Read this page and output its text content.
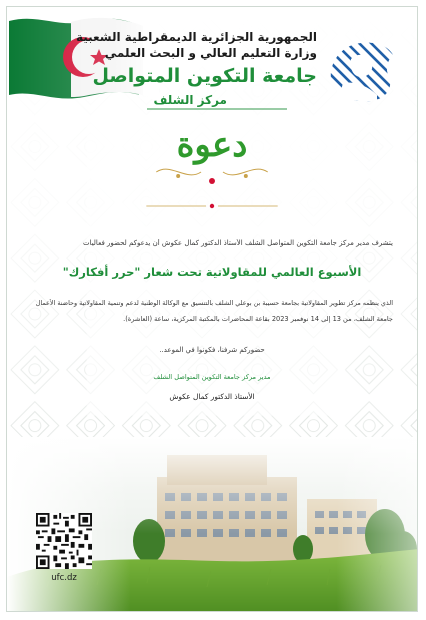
الجمهورية الجزائرية الديمقراطية الشعبية
وزارة التعليم العالي و البحث العلمي
جامعة التكوين المتواصل
مركز الشلف
دعوة
يتشرف مدير مركز جامعة التكوين المتواصل الشلف الأستاذ الدكتور كمال عكوش أن يدعوكم لحضور فعاليات
الأسبوع العالمي للمقاولاتية تحت شعار "حرر أفكارك"
الذي ينظمه مركز تطوير المقاولاتية بجامعة حسيبة بن بوعلي الشلف بالتنسيق مع الوكالة الوطنية لدعم وتنمية المقاولاتية وحاضنة الأعمال
جامعة الشلف، من 13 إلى 14 نوفمبر 2023 بقاعة المحاضرات بالمكتبة المركزية، ساعة (العاشرة).
حضوركم شرفنا، فكونوا في الموعد..
مدير مركز جامعة التكوين المتواصل الشلف
الأستاذ الدكتور كمال عكوش
ufc.dz
